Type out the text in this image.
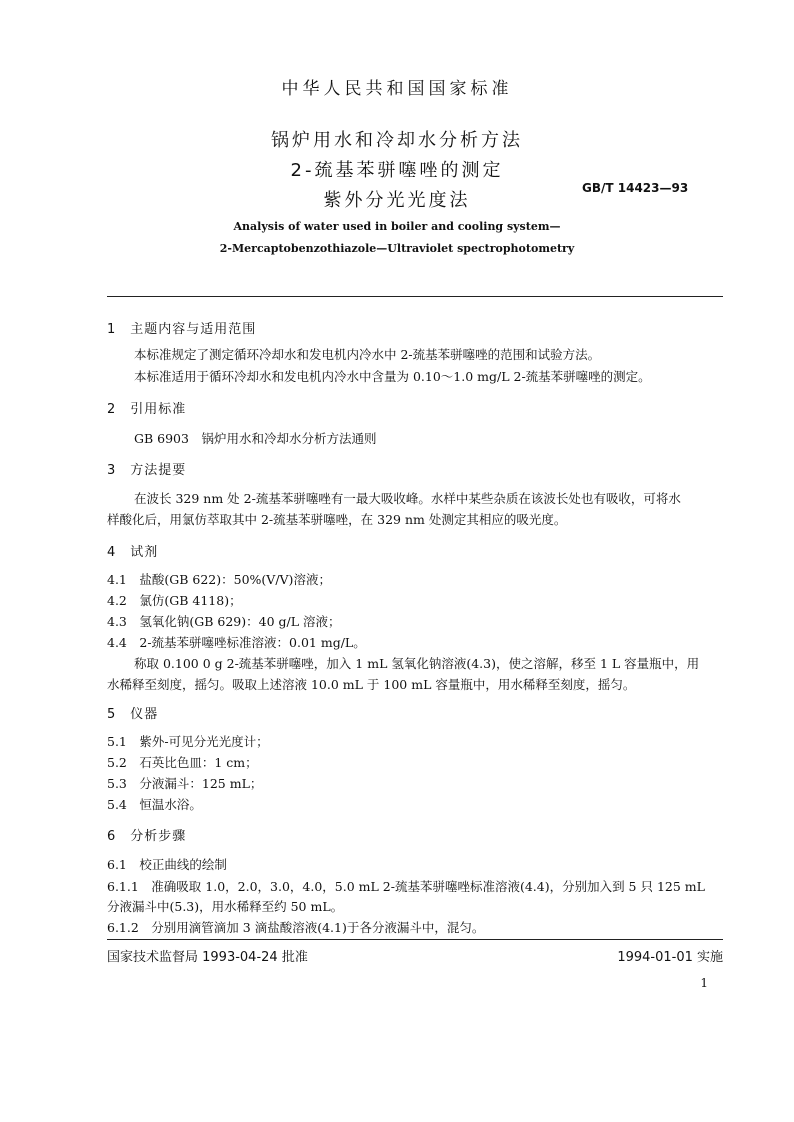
中华人民共和国国家标准
锅炉用水和冷却水分析方法
2-巯基苯骈噻唑的测定
紫外分光光度法
GB/T 14423—93
Analysis of water used in boiler and cooling system—
2-Mercaptobenzothiazole—Ultraviolet spectrophotometry
1　主题内容与适用范围
本标准规定了测定循环冷却水和发电机内冷水中 2-巯基苯骈噻唑的范围和试验方法。
本标准适用于循环冷却水和发电机内冷水中含量为 0.10～1.0 mg/L 2-巯基苯骈噻唑的测定。
2　引用标准
GB 6903　锅炉用水和冷却水分析方法通则
3　方法提要
在波长 329 nm 处 2-巯基苯骈噻唑有一最大吸收峰。水样中某些杂质在该波长处也有吸收，可将水
样酸化后，用氯仿萃取其中 2-巯基苯骈噻唑，在 329 nm 处测定其相应的吸光度。
4　试剂
4.1　盐酸(GB 622)：50%(V/V)溶液；
4.2　氯仿(GB 4118)；
4.3　氢氧化钠(GB 629)：40 g/L 溶液；
4.4　2-巯基苯骈噻唑标准溶液：0.01 mg/L。
称取 0.100 0 g 2-巯基苯骈噻唑，加入 1 mL 氢氧化钠溶液(4.3)，使之溶解，移至 1 L 容量瓶中，用
水稀释至刻度，摇匀。吸取上述溶液 10.0 mL 于 100 mL 容量瓶中，用水稀释至刻度，摇匀。
5　仪器
5.1　紫外-可见分光光度计；
5.2　石英比色皿：1 cm；
5.3　分液漏斗：125 mL；
5.4　恒温水浴。
6　分析步骤
6.1　校正曲线的绘制
6.1.1　准确吸取 1.0，2.0，3.0，4.0，5.0 mL 2-巯基苯骈噻唑标准溶液(4.4)，分别加入到 5 只 125 mL
分液漏斗中(5.3)，用水稀释至约 50 mL。
6.1.2　分别用滴管滴加 3 滴盐酸溶液(4.1)于各分液漏斗中，混匀。
国家技术监督局 1993-04-24 批准	1994-01-01 实施
1
